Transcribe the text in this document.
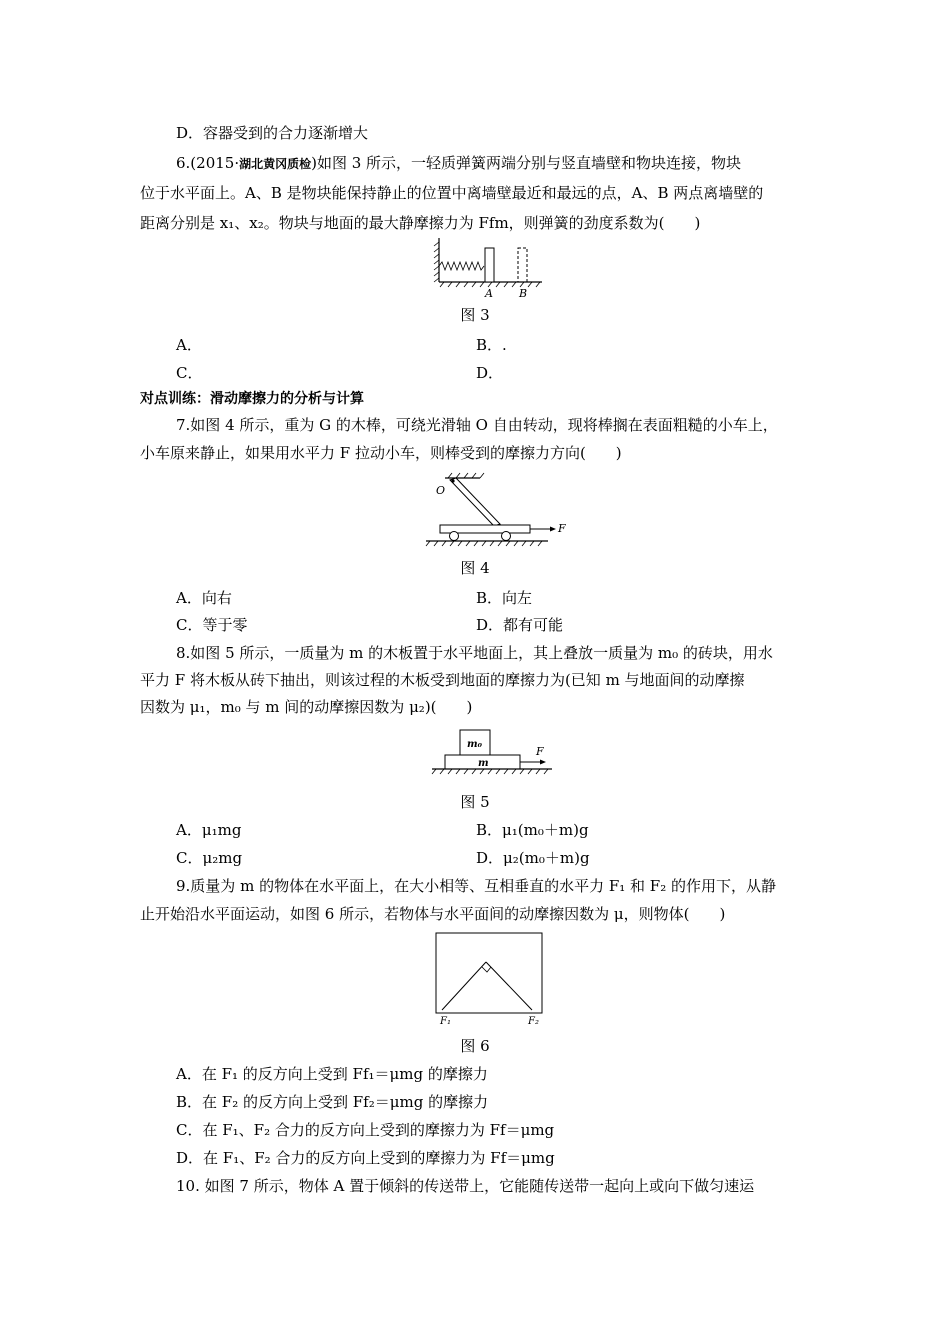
D．容器受到的合力逐渐增大
6.(2015·湖北黄冈质检)如图 3 所示，一轻质弹簧两端分别与竖直墙壁和物块连接，物块
位于水平面上。A、B 是物块能保持静止的位置中离墙壁最近和最远的点，A、B 两点离墙壁的
距离分别是 x₁、x₂。物块与地面的最大静摩擦力为 Ffm，则弹簧的劲度系数为(　　)
A B
图 3
A．	B．.
C．	D．
对点训练：滑动摩擦力的分析与计算
7.如图 4 所示，重为 G 的木棒，可绕光滑轴 O 自由转动，现将棒搁在表面粗糙的小车上，
小车原来静止，如果用水平力 F 拉动小车，则棒受到的摩擦力方向(　　)
O
F
图 4
A．向右	B．向左
C．等于零	D．都有可能
8.如图 5 所示，一质量为 m 的木板置于水平地面上，其上叠放一质量为 m₀ 的砖块，用水
平力 F 将木板从砖下抽出，则该过程的木板受到地面的摩擦力为(已知 m 与地面间的动摩擦
因数为 μ₁，m₀ 与 m 间的动摩擦因数为 μ₂)(　　)
m₀
m
F
图 5
A．μ₁mg	B．μ₁(m₀＋m)g
C．μ₂mg	D．μ₂(m₀＋m)g
9.质量为 m 的物体在水平面上，在大小相等、互相垂直的水平力 F₁ 和 F₂ 的作用下，从静
止开始沿水平面运动，如图 6 所示，若物体与水平面间的动摩擦因数为 μ，则物体(　　)
F₁	F₂
图 6
A．在 F₁ 的反方向上受到 Ff₁＝μmg 的摩擦力
B．在 F₂ 的反方向上受到 Ff₂＝μmg 的摩擦力
C．在 F₁、F₂ 合力的反方向上受到的摩擦力为 Ff＝μmg
D．在 F₁、F₂ 合力的反方向上受到的摩擦力为 Ff＝μmg
10. 如图 7 所示，物体 A 置于倾斜的传送带上，它能随传送带一起向上或向下做匀速运
